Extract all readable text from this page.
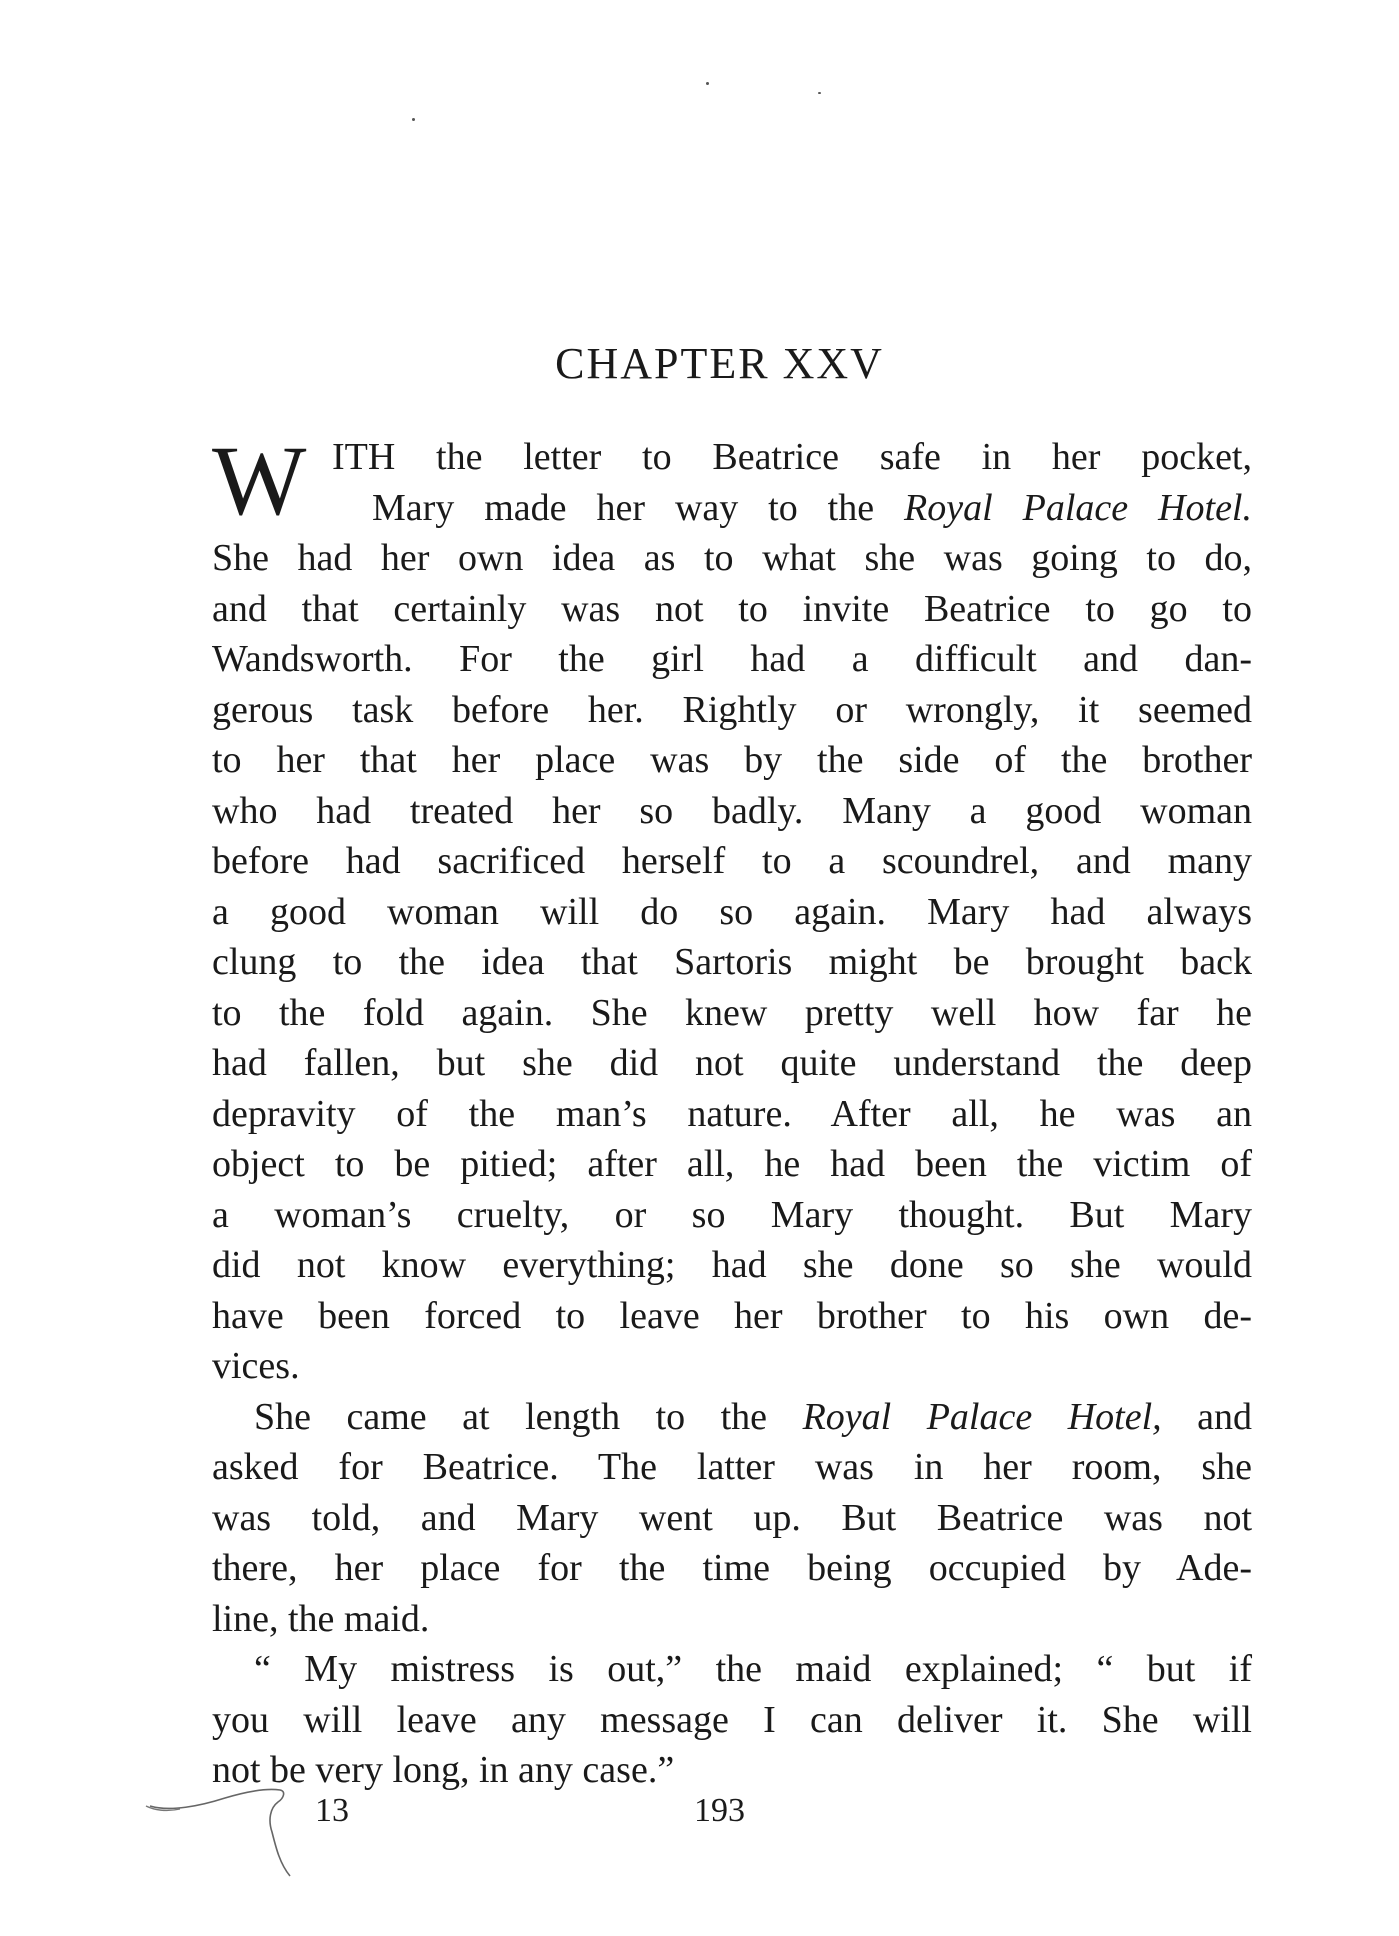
CHAPTER XXV
W ITH the letter to Beatrice safe in her pocket,
Mary made her way to the Royal Palace Hotel.
She had her own idea as to what she was going to do,
and that certainly was not to invite Beatrice to go to
Wandsworth. For the girl had a difficult and dan-
gerous task before her. Rightly or wrongly, it seemed
to her that her place was by the side of the brother
who had treated her so badly. Many a good woman
before had sacrificed herself to a scoundrel, and many
a good woman will do so again. Mary had always
clung to the idea that Sartoris might be brought back
to the fold again. She knew pretty well how far he
had fallen, but she did not quite understand the deep
depravity of the man’s nature. After all, he was an
object to be pitied; after all, he had been the victim of
a woman’s cruelty, or so Mary thought. But Mary
did not know everything; had she done so she would
have been forced to leave her brother to his own de-
vices.
She came at length to the Royal Palace Hotel, and
asked for Beatrice. The latter was in her room, she
was told, and Mary went up. But Beatrice was not
there, her place for the time being occupied by Ade-
line, the maid.
“ My mistress is out,” the maid explained; “ but if
you will leave any message I can deliver it. She will
not be very long, in any case.”
13	193
